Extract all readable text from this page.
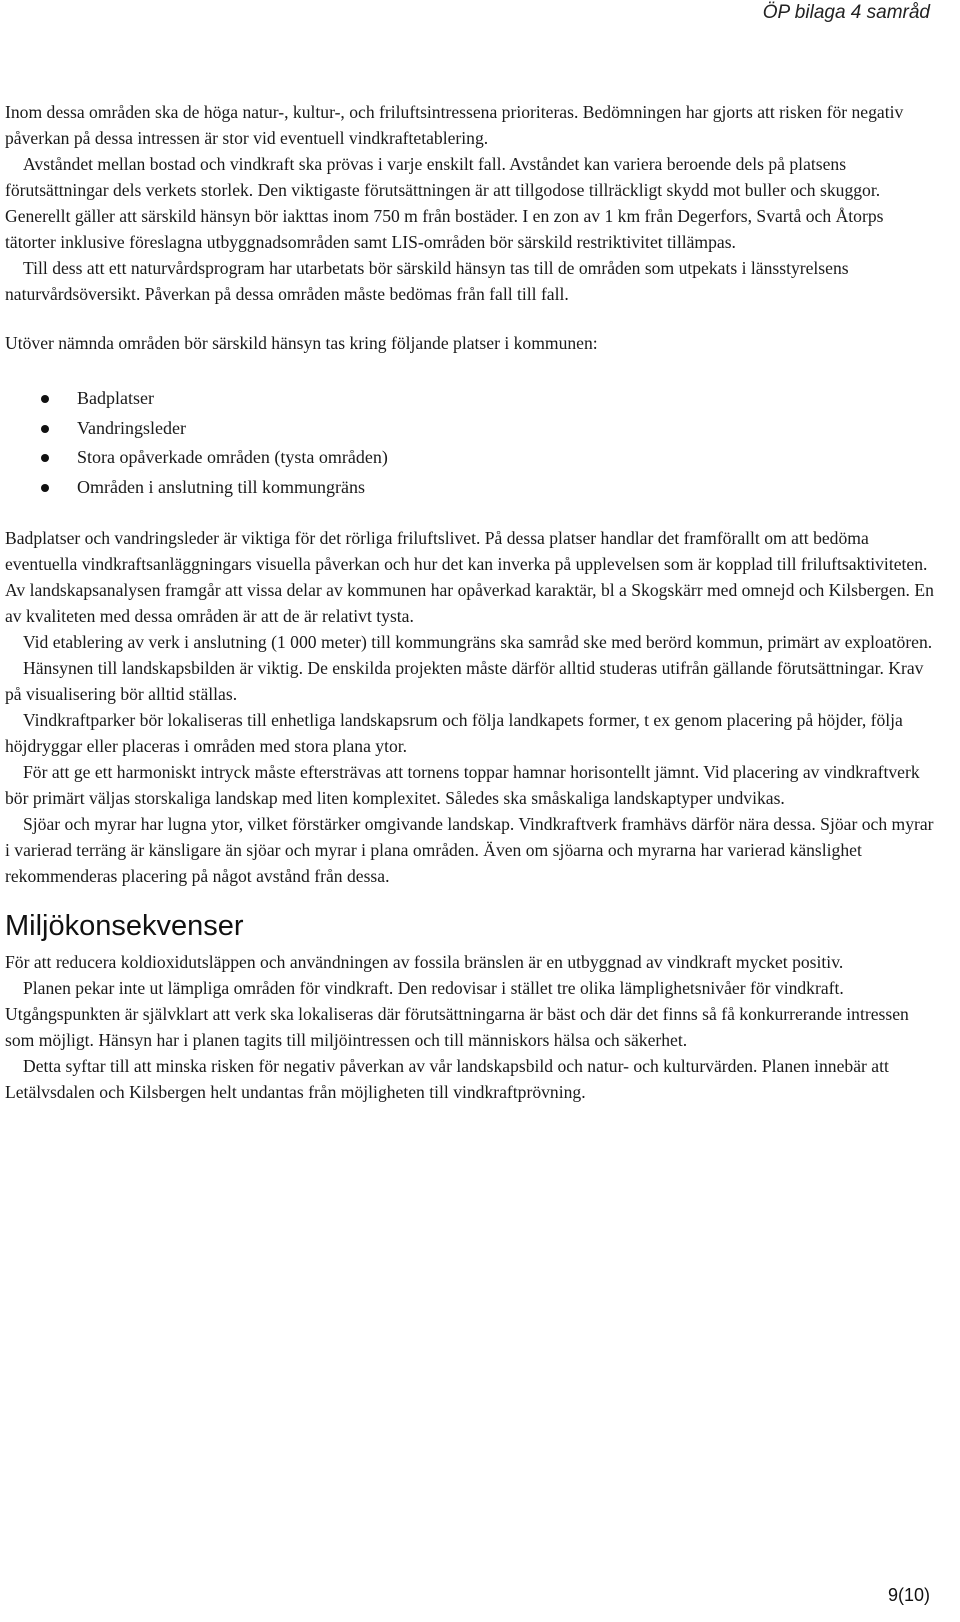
ÖP bilaga 4 samråd

Inom dessa områden ska de höga natur-, kultur-, och friluftsintressena prioriteras. Bedömningen har gjorts att risken för negativ påverkan på dessa intressen är stor vid eventuell vindkraftetablering.

Avståndet mellan bostad och vindkraft ska prövas i varje enskilt fall. Avståndet kan variera beroende dels på platsens förutsättningar dels verkets storlek. Den viktigaste förutsättningen är att tillgodose tillräckligt skydd mot buller och skuggor. Generellt gäller att särskild hänsyn bör iakttas inom 750 m från bostäder. I en zon av 1 km från Degerfors, Svartå och Åtorps tätorter inklusive föreslagna utbyggnadsområden samt LIS-områden bör särskild restriktivitet tillämpas.

Till dess att ett naturvårdsprogram har utarbetats bör särskild hänsyn tas till de områden som utpekats i länsstyrelsens naturvårdsöversikt. Påverkan på dessa områden måste bedömas från fall till fall.

Utöver nämnda områden bör särskild hänsyn tas kring följande platser i kommunen:

Badplatser
Vandringsleder
Stora opåverkade områden (tysta områden)
Områden i anslutning till kommungräns

Badplatser och vandringsleder är viktiga för det rörliga friluftslivet. På dessa platser handlar det framförallt om att bedöma eventuella vindkraftsanläggningars visuella påverkan och hur det kan inverka på upplevelsen som är kopplad till friluftsaktiviteten. Av landskapsanalysen framgår att vissa delar av kommunen har opåverkad karaktär, bl a Skogskärr med omnejd och Kilsbergen. En av kvaliteten med dessa områden är att de är relativt tysta.

Vid etablering av verk i anslutning (1 000 meter) till kommungräns ska samråd ske med berörd kommun, primärt av exploatören.

Hänsynen till landskapsbilden är viktig. De enskilda projekten måste därför alltid studeras utifrån gällande förutsättningar. Krav på visualisering bör alltid ställas.

Vindkraftparker bör lokaliseras till enhetliga landskapsrum och följa landkapets former, t ex genom placering på höjder, följa höjdryggar eller placeras i områden med stora plana ytor.

För att ge ett harmoniskt intryck måste eftersträvas att tornens toppar hamnar horisontellt jämnt. Vid placering av vindkraftverk bör primärt väljas storskaliga landskap med liten komplexitet. Således ska småskaliga landskaptyper undvikas.

Sjöar och myrar har lugna ytor, vilket förstärker omgivande landskap. Vindkraftverk framhävs därför nära dessa. Sjöar och myrar i varierad terräng är känsligare än sjöar och myrar i plana områden. Även om sjöarna och myrarna har varierad känslighet rekommenderas placering på något avstånd från dessa.

Miljökonsekvenser

För att reducera koldioxidutsläppen och användningen av fossila bränslen är en utbyggnad av vindkraft mycket positiv.

Planen pekar inte ut lämpliga områden för vindkraft. Den redovisar i stället tre olika lämplighetsnivåer för vindkraft. Utgångspunkten är självklart att verk ska lokaliseras där förutsättningarna är bäst och där det finns så få konkurrerande intressen som möjligt. Hänsyn har i planen tagits till miljöintressen och till människors hälsa och säkerhet.

Detta syftar till att minska risken för negativ påverkan av vår landskapsbild och natur- och kulturvärden. Planen innebär att Letälvsdalen och Kilsbergen helt undantas från möjligheten till vindkraftprövning.

9(10)
